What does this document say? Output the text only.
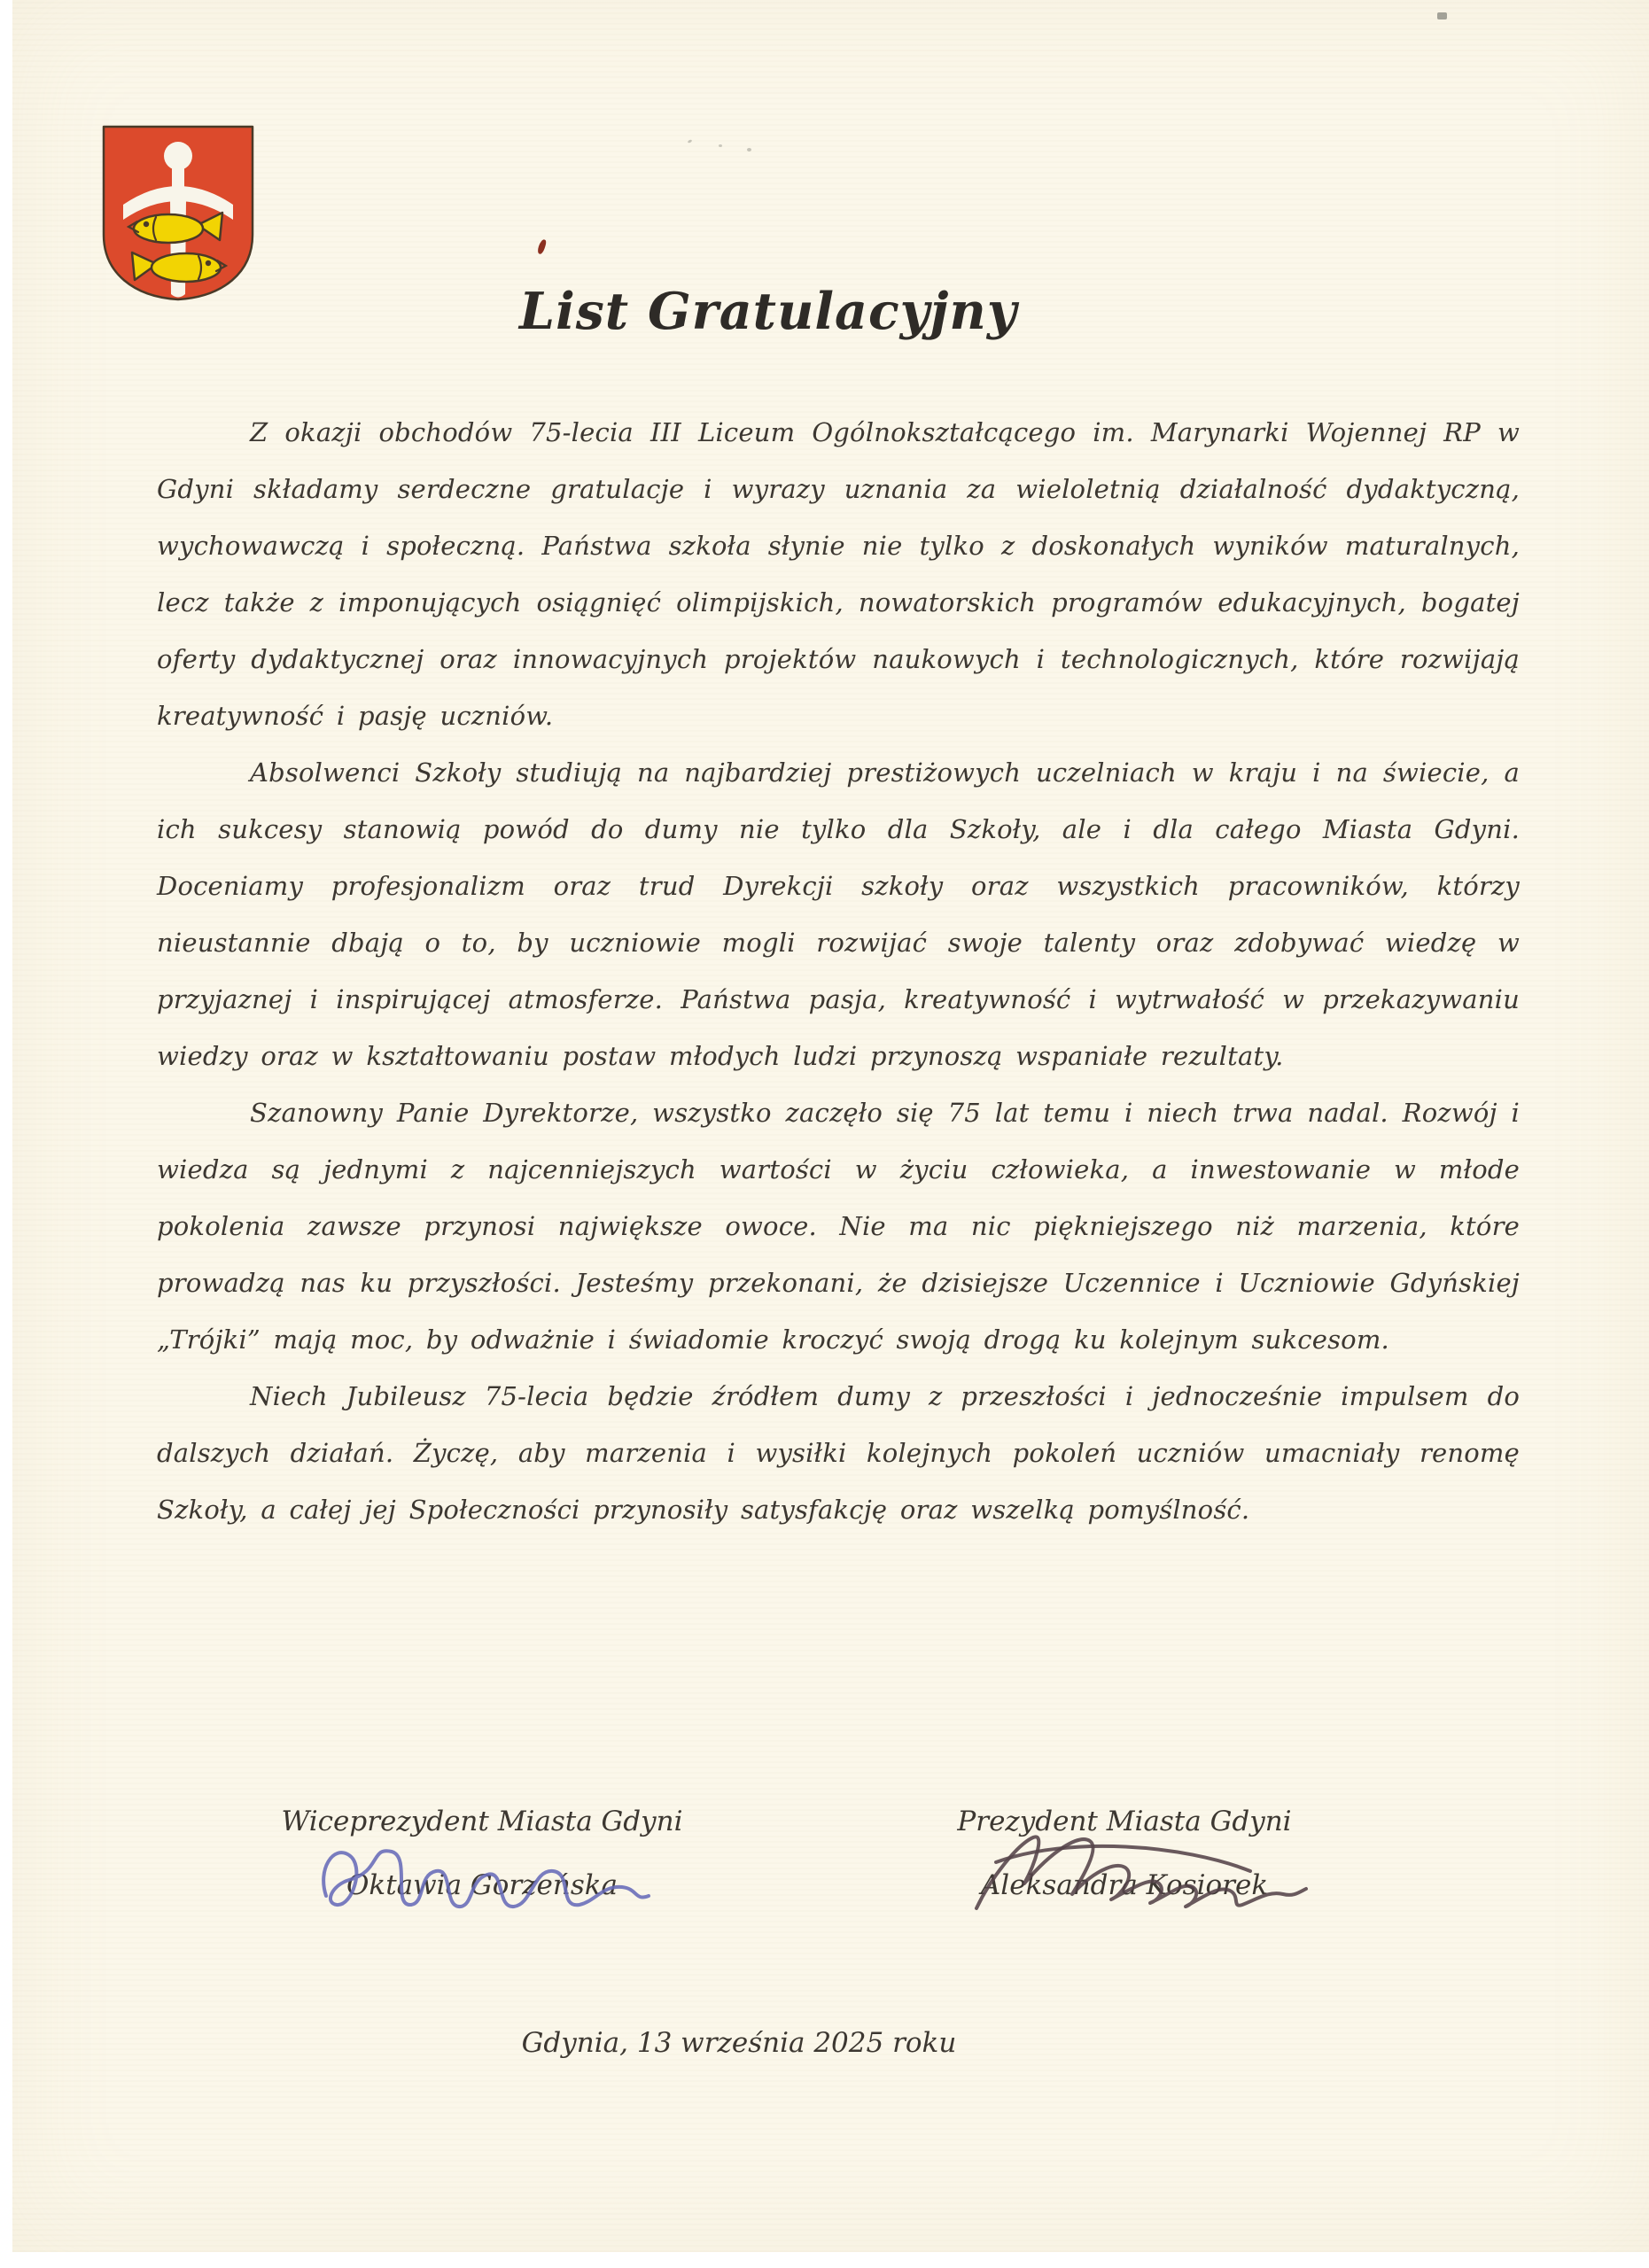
List Gratulacyjny

Z okazji obchodów 75-lecia III Liceum Ogólnokształcącego im. Marynarki Wojennej RP w Gdyni składamy serdeczne gratulacje i wyrazy uznania za wieloletnią działalność dydaktyczną, wychowawczą i społeczną. Państwa szkoła słynie nie tylko z doskonałych wyników maturalnych, lecz także z imponujących osiągnięć olimpijskich, nowatorskich programów edukacyjnych, bogatej oferty dydaktycznej oraz innowacyjnych projektów naukowych i technologicznych, które rozwijają kreatywność i pasję uczniów.

Absolwenci Szkoły studiują na najbardziej prestiżowych uczelniach w kraju i na świecie, a ich sukcesy stanowią powód do dumy nie tylko dla Szkoły, ale i dla całego Miasta Gdyni. Doceniamy profesjonalizm oraz trud Dyrekcji szkoły oraz wszystkich pracowników, którzy nieustannie dbają o to, by uczniowie mogli rozwijać swoje talenty oraz zdobywać wiedzę w przyjaznej i inspirującej atmosferze. Państwa pasja, kreatywność i wytrwałość w przekazywaniu wiedzy oraz w kształtowaniu postaw młodych ludzi przynoszą wspaniałe rezultaty.

Szanowny Panie Dyrektorze, wszystko zaczęło się 75 lat temu i niech trwa nadal. Rozwój i wiedza są jednymi z najcenniejszych wartości w życiu człowieka, a inwestowanie w młode pokolenia zawsze przynosi największe owoce. Nie ma nic piękniejszego niż marzenia, które prowadzą nas ku przyszłości. Jesteśmy przekonani, że dzisiejsze Uczennice i Uczniowie Gdyńskiej „Trójki” mają moc, by odważnie i świadomie kroczyć swoją drogą ku kolejnym sukcesom.

Niech Jubileusz 75-lecia będzie źródłem dumy z przeszłości i jednocześnie impulsem do dalszych działań. Życzę, aby marzenia i wysiłki kolejnych pokoleń uczniów umacniały renomę Szkoły, a całej jej Społeczności przynosiły satysfakcję oraz wszelką pomyślność.

Wiceprezydent Miasta Gdyni
Oktawia Gorzeńska
Prezydent Miasta Gdyni
Aleksandra Kosiorek
Gdynia, 13 września 2025 roku
